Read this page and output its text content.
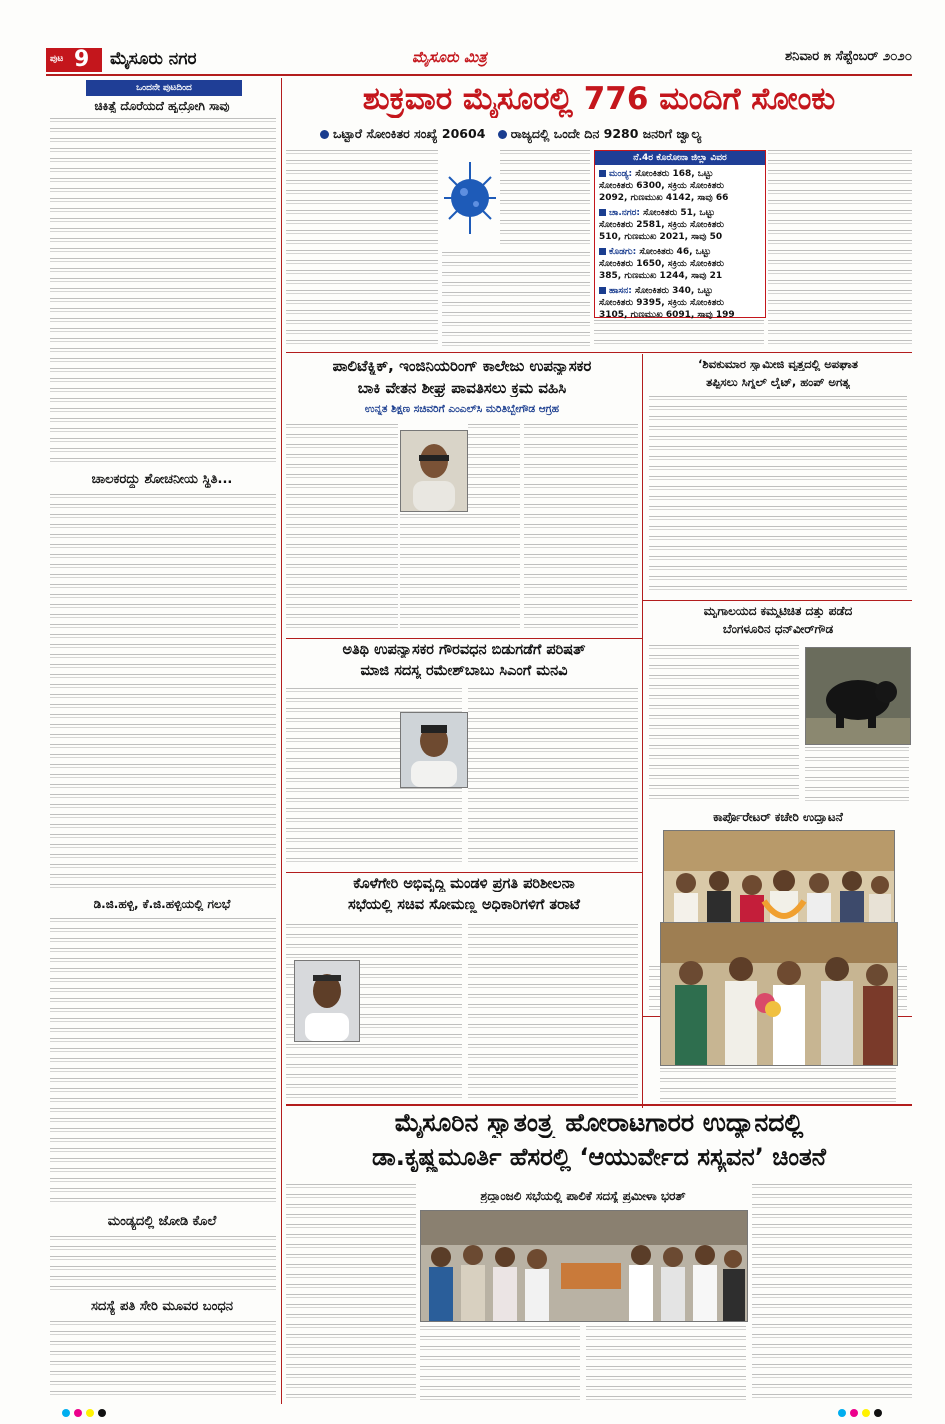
ಪುಟ 9 ಮೈಸೂರು ನಗರ	ಮೈಸೂರು ಮಿತ್ರ	ಶನಿವಾರ ೫ ಸೆಪ್ಟೆಂಬರ್ ೨೦೨೦
ಒಂದನೇ ಪುಟದಿಂದ
ಚಿಕಿತ್ಸೆ ದೊರೆಯದೆ ಹೃದ್ರೋಗಿ ಸಾವು
ಚಾಲಕರದ್ದು ಶೋಚನೀಯ ಸ್ಥಿತಿ...
ಡಿ.ಜಿ.ಹಳ್ಳಿ, ಕೆ.ಜಿ.ಹಳ್ಳಿಯಲ್ಲಿ ಗಲಭೆ
ಮಂಡ್ಯದಲ್ಲಿ ಜೋಡಿ ಕೊಲೆ
ಸದಸ್ಯೆ ಪತಿ ಸೇರಿ ಮೂವರ ಬಂಧನ
ಶುಕ್ರವಾರ ಮೈಸೂರಲ್ಲಿ 776 ಮಂದಿಗೆ ಸೋಂಕು
ಒಟ್ಟಾರೆ ಸೋಂಕಿತರ ಸಂಖ್ಯೆ 20604 ರಾಜ್ಯದಲ್ಲಿ ಒಂದೇ ದಿನ 9280 ಜನರಿಗೆ ಜ್ವಾಲ್ಯ
ನೆ.4ರ ಕೊರೋನಾ ಜಿಲ್ಲಾ ವಿವರ
ಮಂಡ್ಯ: ಸೋಂಕಿತರು 168, ಒಟ್ಟು
ಸೋಂಕಿತರು 6300, ಸಕ್ರಿಯ ಸೋಂಕಿತರು
2092, ಗುಣಮುಖ 4142, ಸಾವು 66
ಚಾ.ನಗರ: ಸೋಂಕಿತರು 51, ಒಟ್ಟು
ಸೋಂಕಿತರು 2581, ಸಕ್ರಿಯ ಸೋಂಕಿತರು
510, ಗುಣಮುಖ 2021, ಸಾವು 50
ಕೊಡಗು: ಸೋಂಕಿತರು 46, ಒಟ್ಟು
ಸೋಂಕಿತರು 1650, ಸಕ್ರಿಯ ಸೋಂಕಿತರು
385, ಗುಣಮುಖ 1244, ಸಾವು 21
ಹಾಸನ: ಸೋಂಕಿತರು 340, ಒಟ್ಟು
ಸೋಂಕಿತರು 9395, ಸಕ್ರಿಯ ಸೋಂಕಿತರು
3105, ಗುಣಮುಖ 6091, ಸಾವು 199
ಪಾಲಿಟೆಕ್ನಿಕ್, ಇಂಜಿನಿಯರಿಂಗ್ ಕಾಲೇಜು ಉಪನ್ಯಾಸಕರ
ಬಾಕಿ ವೇತನ ಶೀಘ್ರ ಪಾವತಿಸಲು ಕ್ರಮ ವಹಿಸಿ
ಉನ್ನತ ಶಿಕ್ಷಣ ಸಚಿವರಿಗೆ ಎಂಎಲ್‌ಸಿ ಮರಿತಿಬ್ಬೇಗೌಡ ಆಗ್ರಹ
‘ಶಿವಕುಮಾರ ಸ್ವಾಮೀಜಿ ವೃತ್ತದಲ್ಲಿ ಅಪಘಾತ
ತಪ್ಪಿಸಲು ಸಿಗ್ನಲ್ ಲೈಟ್, ಹಂಪ್ ಅಗತ್ಯ
ಮೃಗಾಲಯದ ಕಮ್ಮಟಿಚಿತ ದತ್ತು ಪಡೆದ
ಬೆಂಗಳೂರಿನ ಧನ್‌ವೀರ್‌ಗೌಡ
ಅತಿಥಿ ಉಪನ್ಯಾಸಕರ ಗೌರವಧನ ಬಿಡುಗಡೆಗೆ ಪರಿಷತ್
ಮಾಜಿ ಸದಸ್ಯ ರಮೇಶ್‌ಬಾಬು ಸಿಎಂಗೆ ಮನವಿ
ಕಾರ್ಪೊರೇಟರ್ ಕಚೇರಿ ಉದ್ಘಾಟನೆ
ಕೊಳೆಗೇರಿ ಅಭಿವೃದ್ಧಿ ಮಂಡಳಿ ಪ್ರಗತಿ ಪರಿಶೀಲನಾ
ಸಭೆಯಲ್ಲಿ ಸಚಿವ ಸೋಮಣ್ಣ ಅಧಿಕಾರಿಗಳಿಗೆ ತರಾಟೆ
ಮೈಸೂರಿನ ಸ್ವಾತಂತ್ರ್ಯ ಹೋರಾಟಗಾರರ ಉದ್ಯಾನದಲ್ಲಿ
ಡಾ.ಕೃಷ್ಣಮೂರ್ತಿ ಹೆಸರಲ್ಲಿ ‘ಆಯುರ್ವೇದ ಸಸ್ಯವನ’ ಚಿಂತನೆ
ಶ್ರದ್ಧಾಂಜಲಿ ಸಭೆಯಲ್ಲಿ ಪಾಲಿಕೆ ಸದಸ್ಯೆ ಪ್ರಮೀಳಾ ಭರತ್
